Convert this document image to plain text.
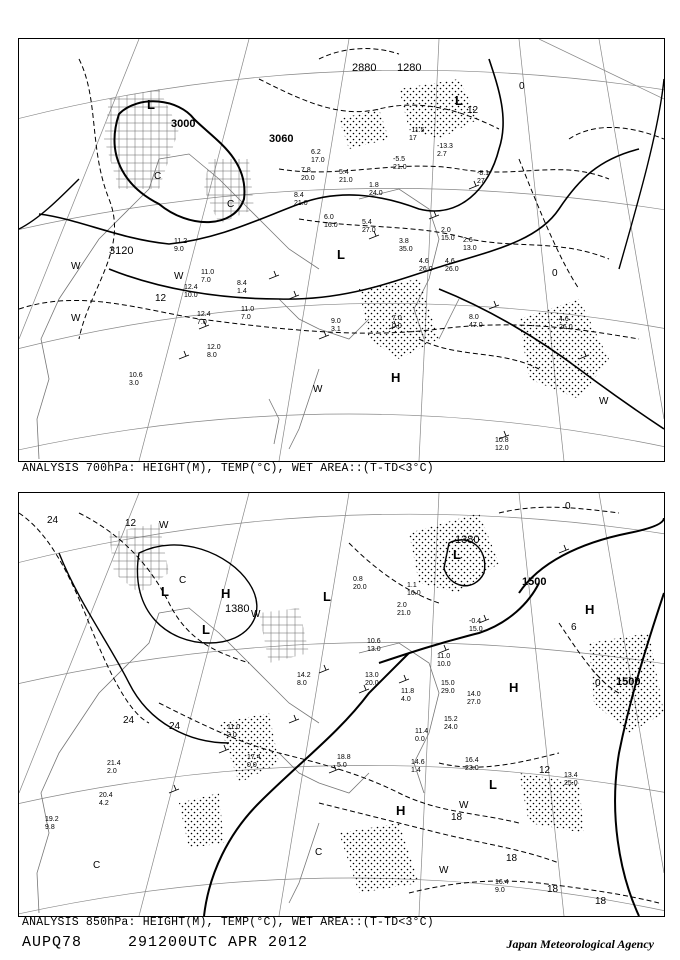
3000
3060
3120
2880 1280
L	L
L
H
W
W
W
W
W
C
C
12
0
0
12
6.2
17.0
5.4
21.0
1.8
24.0
7.8
20.0
8.4
21.0
6.0
16.0	5.4
27.0
3.8
35.0
2.0
15.0 2.6
13.0
11.2
9.0
11.0
7.0	8.4
1.4
12.4
10.0
12.4
7.0
11.0
7.0
9.0
3.1
7.0
0.0
8.0
47.0
10.6
3.0
10.8
12.0
12.0
8.0
4.6
26.0
4.6
26.0
-8.1
27
-13.3
2.7
-11.5
17
-5.5
21.0
4.6
26.0
ANALYSIS 700hPa: HEIGHT(M), TEMP(°C), WET AREA::(T-TD<3°C)
1380
1380
1500
1500
L
L
L
L
H
H
H
H
L
W
W
W
W
C
C
C
24	12
24
24
0
12
18
18
18
18
6
0
15.0
29.0 14.0
27.0
15.2
24.0
16.4
23.0
13.4
25.0
16.4
9.0
19.2
9.8
20.4
4.2
21.4
2.0
17.4
0.0
18.8
5.0
14.2
8.0
11.0
10.0
10.6
13.0
11.4
0.0
13.0
20.0
11.8
4.0
14.6
1.4
11.0
3.0
0.8
20.0
2.0
21.0
1.1
10.0
-0.4
15.0
ANALYSIS 850hPa: HEIGHT(M), TEMP(°C), WET AREA::(T-TD<3°C)
AUPQ78	291200UTC APR 2012	Japan Meteorological Agency
